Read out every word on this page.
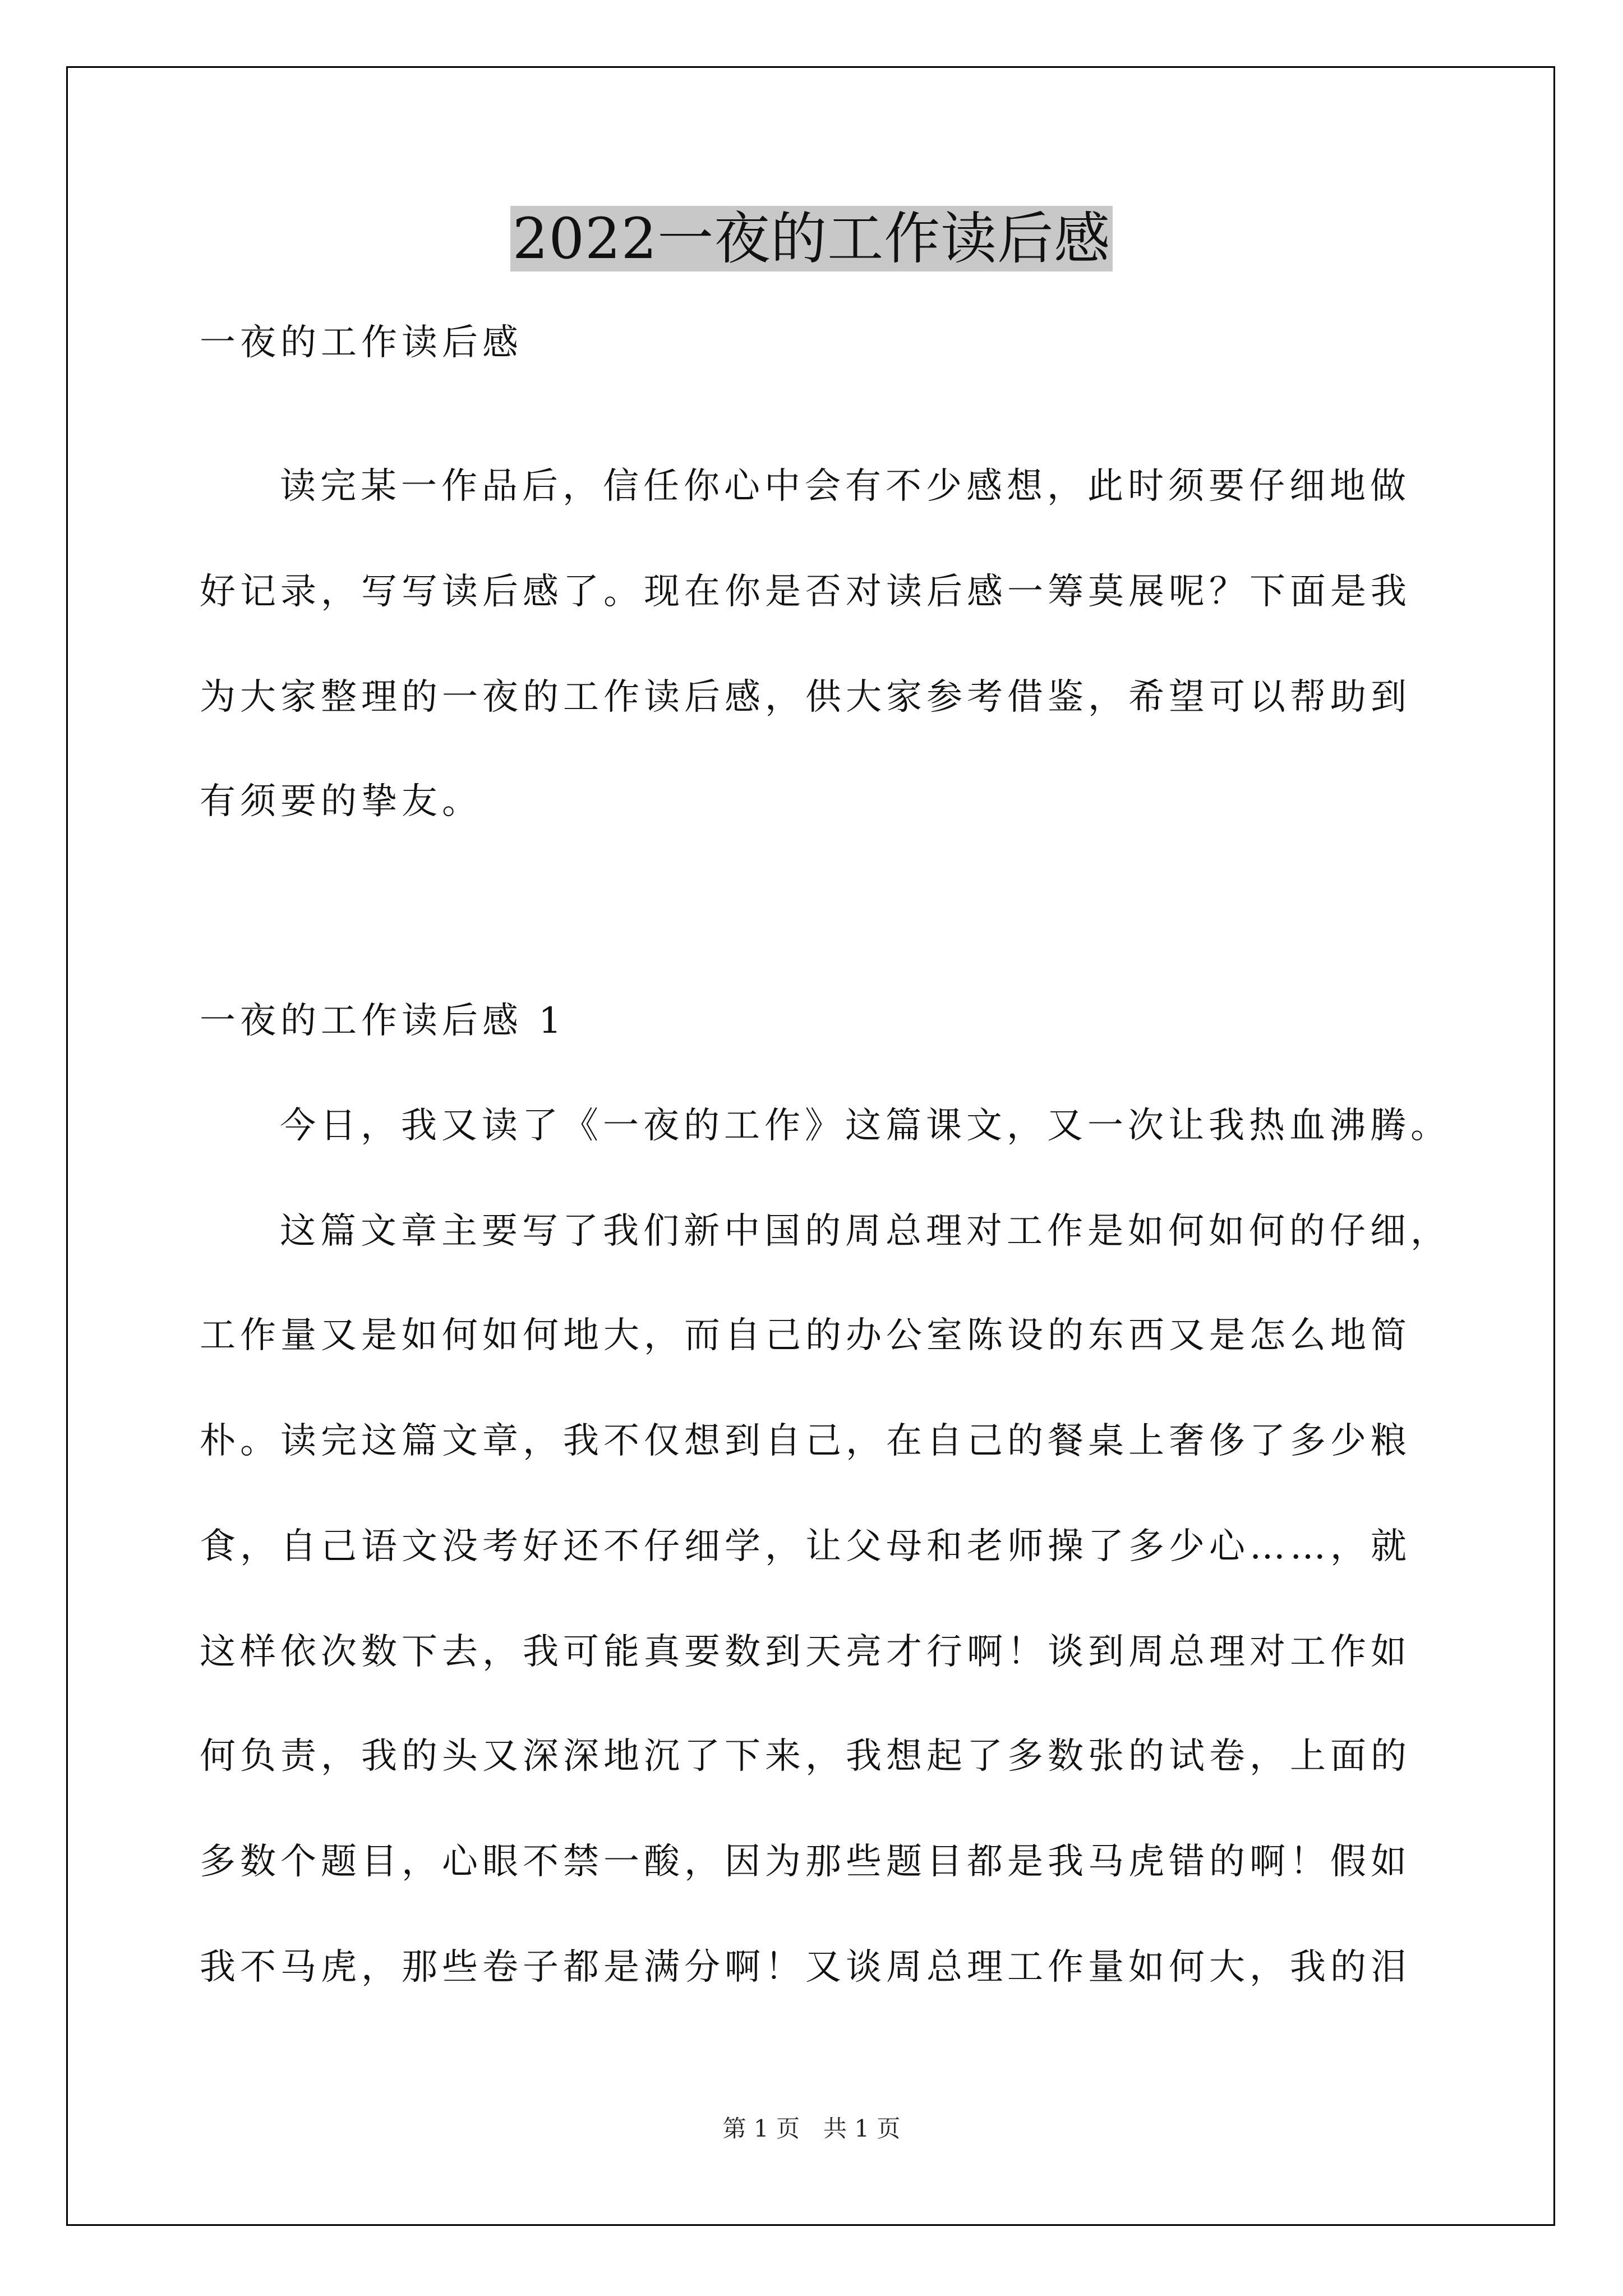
2022一夜的工作读后感
一夜的工作读后感
读完某一作品后，信任你心中会有不少感想，此时须要仔细地做
好记录，写写读后感了。现在你是否对读后感一筹莫展呢？下面是我
为大家整理的一夜的工作读后感，供大家参考借鉴，希望可以帮助到
有须要的挚友。
一夜的工作读后感 1
今日，我又读了《一夜的工作》这篇课文，又一次让我热血沸腾。
这篇文章主要写了我们新中国的周总理对工作是如何如何的仔细，
工作量又是如何如何地大，而自己的办公室陈设的东西又是怎么地简
朴。读完这篇文章，我不仅想到自己，在自己的餐桌上奢侈了多少粮
食，自己语文没考好还不仔细学，让父母和老师操了多少心……，就
这样依次数下去，我可能真要数到天亮才行啊！谈到周总理对工作如
何负责，我的头又深深地沉了下来，我想起了多数张的试卷，上面的
多数个题目，心眼不禁一酸，因为那些题目都是我马虎错的啊！假如
我不马虎，那些卷子都是满分啊！又谈周总理工作量如何大，我的泪
第 1 页　共 1 页
